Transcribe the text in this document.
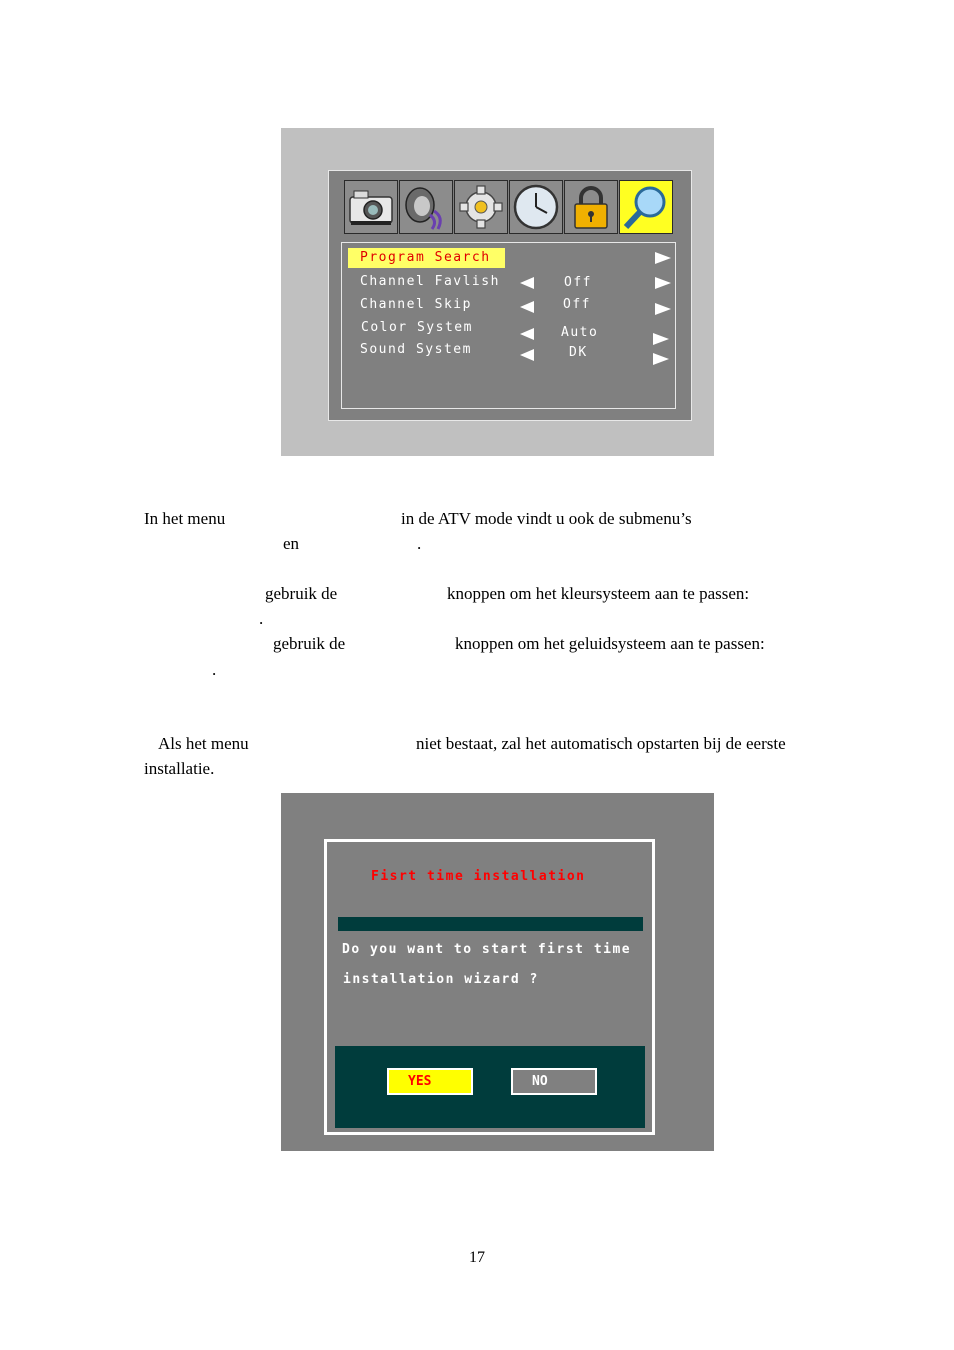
Program Search
Channel Favlish	Off
Channel Skip	Off
Color System	Auto
Sound System	DK
In het menu	in de ATV mode vindt u ook de submenu’s
en	.
gebruik de	knoppen om het kleursysteem aan te passen:
.
gebruik de	knoppen om het geluidsysteem aan te passen:
.
Als het menu	niet bestaat, zal het automatisch opstarten bij de eerste
installatie.
Fisrt time installation
Do you want to start first time
installation wizard ?
YES	NO
17
